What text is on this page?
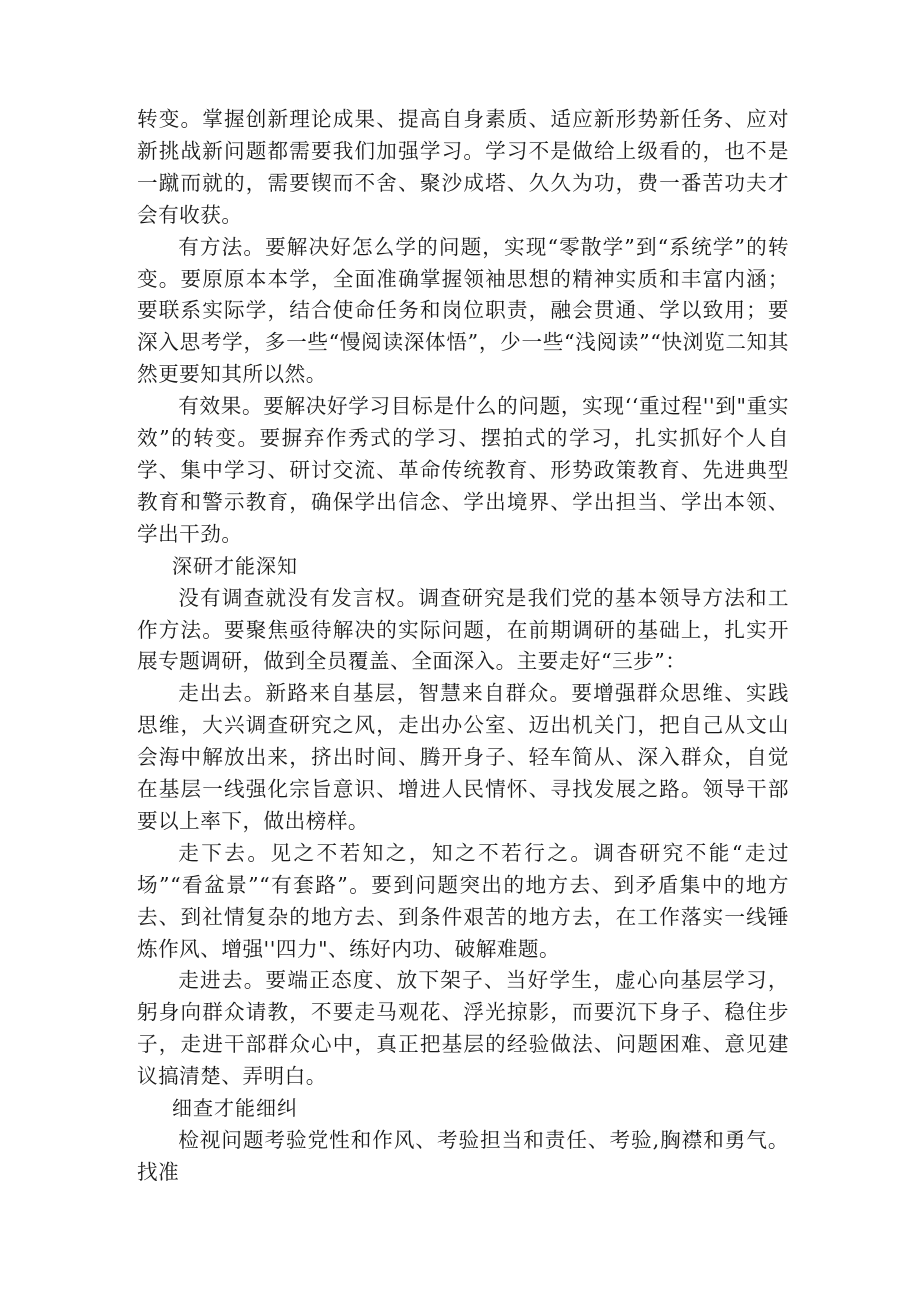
转变。掌握创新理论成果、提高自身素质、适应新形势新任务、应对新挑战新问题都需要我们加强学习。学习不是做给上级看的，也不是一蹴而就的，需要锲而不舍、聚沙成塔、久久为功，费一番苦功夫才会有收获。

有方法。要解决好怎么学的问题，实现“零散学”到“系统学”的转变。要原原本本学，全面准确掌握领袖思想的精神实质和丰富内涵；要联系实际学，结合使命任务和岗位职责，融会贯通、学以致用；要深入思考学，多一些“慢阅读深体悟”，少一些“浅阅读”“快浏览二知其然更要知其所以然。

有效果。要解决好学习目标是什么的问题，实现‘‘重过程''到"重实效”的转变。要摒弃作秀式的学习、摆拍式的学习，扎实抓好个人自学、集中学习、研讨交流、革命传统教育、形势政策教育、先进典型教育和警示教育，确保学出信念、学出境界、学出担当、学出本领、学出干劲。

深研才能深知

没有调查就没有发言权。调查研究是我们党的基本领导方法和工作方法。要聚焦亟待解决的实际问题，在前期调研的基础上，扎实开展专题调研，做到全员覆盖、全面深入。主要走好“三步”：

走出去。新路来自基层，智慧来自群众。要增强群众思维、实践思维，大兴调查研究之风，走出办公室、迈出机关门，把自己从文山会海中解放出来，挤出时间、腾开身子、轻车简从、深入群众，自觉在基层一线强化宗旨意识、增进人民情怀、寻找发展之路。领导干部要以上率下，做出榜样。

走下去。见之不若知之，知之不若行之。调杳研究不能“走过场”“看盆景”“有套路”。要到问题突出的地方去、到矛盾集中的地方去、到社情复杂的地方去、到条件艰苦的地方去，在工作落实一线锤炼作风、增强''四力"、练好内功、破解难题。

走进去。要端正态度、放下架子、当好学生，虚心向基层学习，躬身向群众请教，不要走马观花、浮光掠影，而要沉下身子、稳住步子，走进干部群众心中，真正把基层的经验做法、问题困难、意见建议搞清楚、弄明白。

细查才能细纠

检视问题考验党性和作风、考验担当和责任、考验,胸襟和勇气。找准
